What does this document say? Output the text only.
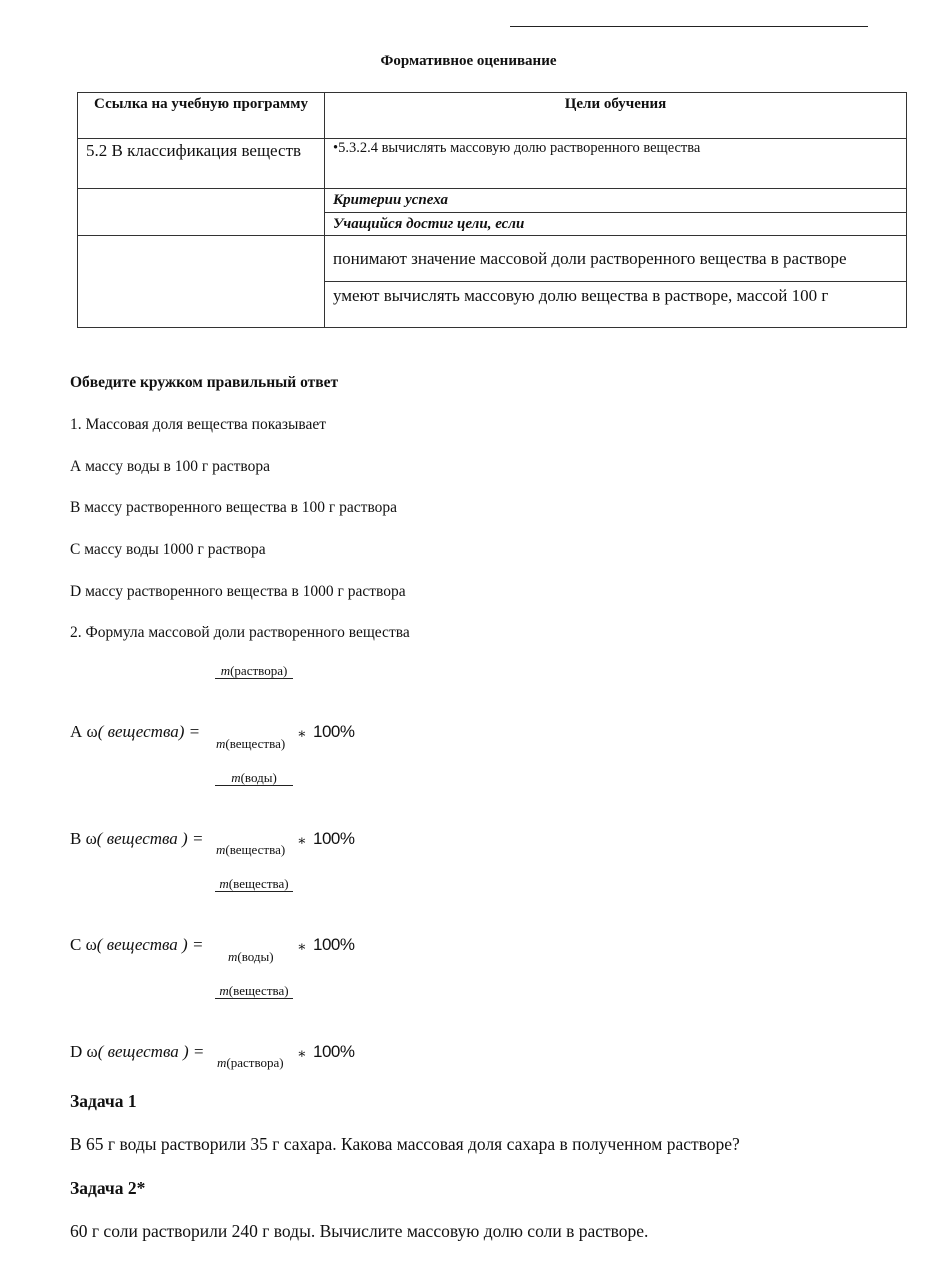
Формативное оценивание
Ссылка на учебную программу	Цели обучения
5.2 В классификация веществ	•5.3.2.4 вычислять массовую долю растворенного вещества
	Критерии успеха
	Учащийся достиг цели, если
	понимают значение массовой доли растворенного вещества в растворе
	умеют вычислять массовую долю вещества в растворе, массой 100 г
Обведите кружком правильный ответ
1. Массовая доля вещества показывает
А массу воды в 100 г раствора
В массу растворенного вещества в 100 г раствора
С массу воды 1000 г раствора
D массу растворенного вещества в 1000 г раствора
2. Формула массовой доли растворенного вещества
m(раствора)
А ω( вещества) =
m(вещества)
∗ 100%
m(воды)
В ω( вещества ) =
m(вещества)
∗ 100%
m(вещества)
С ω( вещества ) =
m(воды)
∗ 100%
m(вещества)
D ω( вещества ) =
m(раствора)
∗ 100%
Задача 1
В 65 г воды растворили 35 г сахара. Какова массовая доля сахара в полученном растворе?
Задача 2*
60 г соли растворили 240 г воды. Вычислите массовую долю соли в растворе.
